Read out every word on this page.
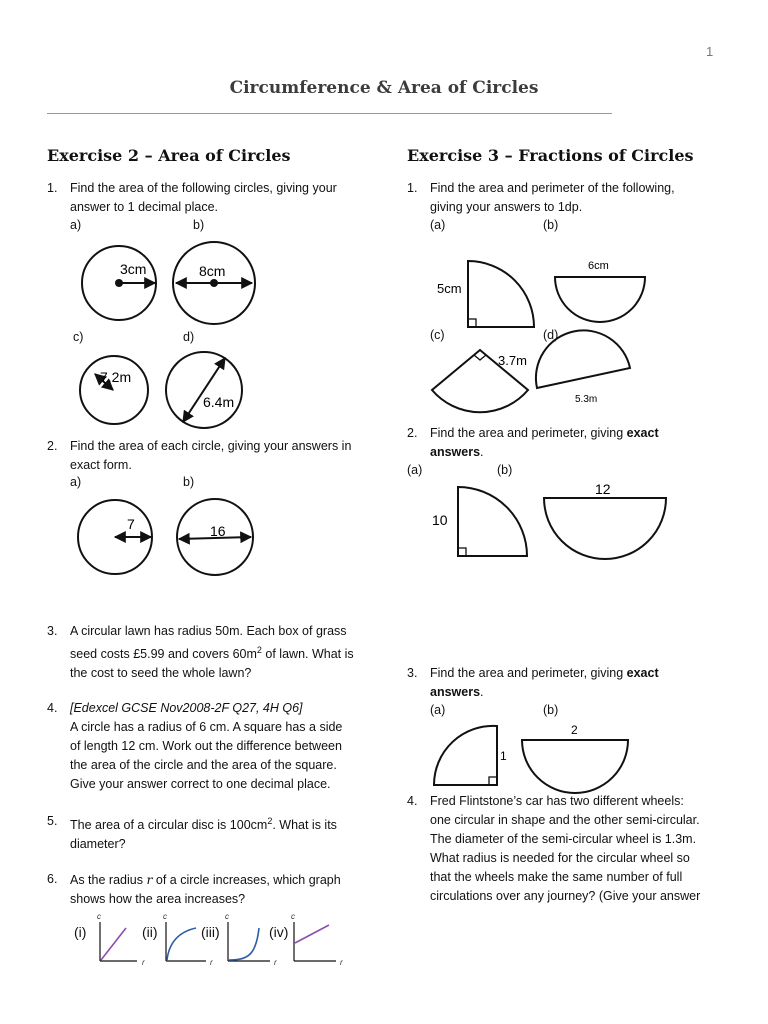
1
Circumference & Area of Circles
Exercise 2 – Area of Circles
1. Find the area of the following circles, giving your
answer to 1 decimal place.
a)	b)
c)	d)
3cm	8cm
7.2m
6.4m
7	16
2. Find the area of each circle, giving your answers in
exact form.
a)	b)
3. A circular lawn has radius 50m. Each box of grass
seed costs £5.99 and covers $60m^2$ of lawn. What is
the cost to seed the whole lawn?
4. [Edexcel GCSE Nov2008-2F Q27, 4H Q6]
A circle has a radius of 6 cm. A square has a side
of length 12 cm. Work out the difference between
the area of the circle and the area of the square.
Give your answer correct to one decimal place.
5. The area of a circular disc is $100cm^2$. What is its
diameter?
6. As the radius r of a circle increases, which graph
shows how the area increases?
(i)
c
r
(ii)
c
r
(iii)
c
r
(iv)
c
r
Exercise 3 – Fractions of Circles
1. Find the area and perimeter of the following,
giving your answers to 1dp.
(a)	(b)
(c)	(d)
2. Find the area and perimeter, giving exact
answers.
(a)	(b)
3. Find the area and perimeter, giving exact
answers.
(a)	(b)
4. Fred Flintstone’s car has two different wheels:
one circular in shape and the other semi-circular.
The diameter of the semi-circular wheel is 1.3m.
What radius is needed for the circular wheel so
that the wheels make the same number of full
circulations over any journey? (Give your answer
5cm
6cm
3.7m
5.3m
10
12
1
2
